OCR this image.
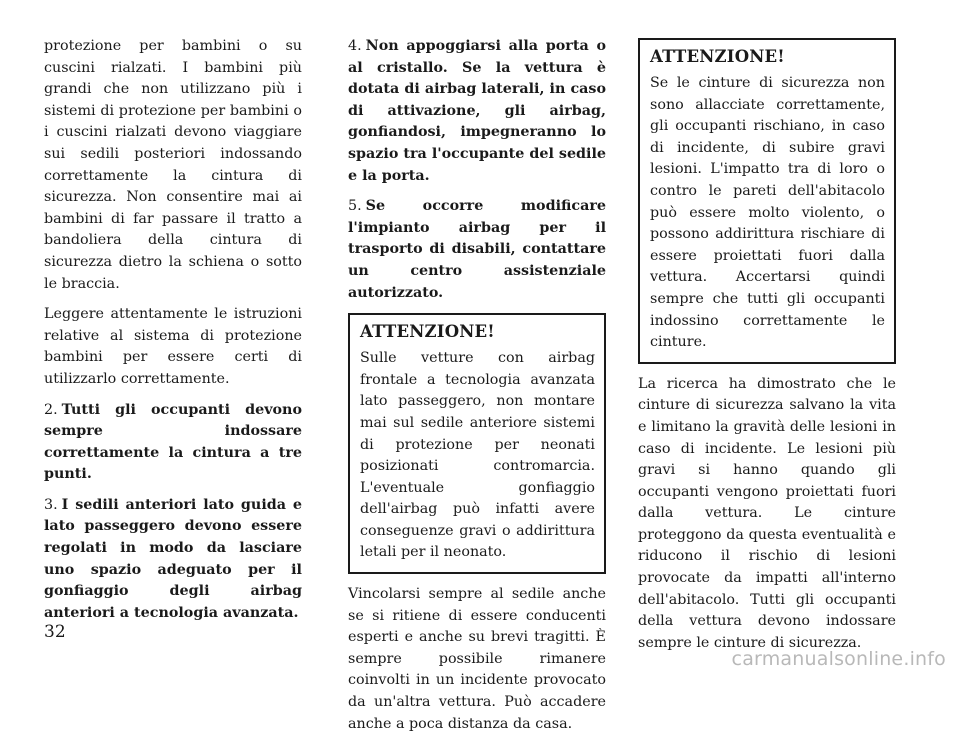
protezione per bambini o su cuscini rialzati. I bambini più grandi che non utilizzano più i sistemi di protezione per bambini o i cuscini rialzati devono viaggiare sui sedili posteriori indossando correttamente la cintura di sicurezza. Non consentire mai ai bambini di far passare il tratto a bandoliera della cintura di sicurezza dietro la schiena o sotto le braccia.

Leggere attentamente le istruzioni relative al sistema di protezione bambini per essere certi di utilizzarlo correttamente.

2. Tutti gli occupanti devono sempre indossare correttamente la cintura a tre punti.

3. I sedili anteriori lato guida e lato passeggero devono essere regolati in modo da lasciare uno spazio adeguato per il gonfiaggio degli airbag anteriori a tecnologia avanzata.

4. Non appoggiarsi alla porta o al cristallo. Se la vettura è dotata di airbag laterali, in caso di attivazione, gli airbag, gonfiandosi, impegneranno lo spazio tra l'occupante del sedile e la porta.

5. Se occorre modificare l'impianto airbag per il trasporto di disabili, contattare un centro assistenziale autorizzato.

ATTENZIONE!

Sulle vetture con airbag frontale a tecnologia avanzata lato passeggero, non montare mai sul sedile anteriore sistemi di protezione per neonati posizionati contromarcia. L'eventuale gonfiaggio dell'airbag può infatti avere conseguenze gravi o addirittura letali per il neonato.

Vincolarsi sempre al sedile anche se si ritiene di essere conducenti esperti e anche su brevi tragitti. È sempre possibile rimanere coinvolti in un incidente provocato da un'altra vettura. Può accadere anche a poca distanza da casa.

ATTENZIONE!

Se le cinture di sicurezza non sono allacciate correttamente, gli occupanti rischiano, in caso di incidente, di subire gravi lesioni. L'impatto tra di loro o contro le pareti dell'abitacolo può essere molto violento, o possono addirittura rischiare di essere proiettati fuori dalla vettura. Accertarsi quindi sempre che tutti gli occupanti indossino correttamente le cinture.

La ricerca ha dimostrato che le cinture di sicurezza salvano la vita e limitano la gravità delle lesioni in caso di incidente. Le lesioni più gravi si hanno quando gli occupanti vengono proiettati fuori dalla vettura. Le cinture proteggono da questa eventualità e riducono il rischio di lesioni provocate da impatti all'interno dell'abitacolo. Tutti gli occupanti della vettura devono indossare sempre le cinture di sicurezza.

32
carmanualsonline.info
